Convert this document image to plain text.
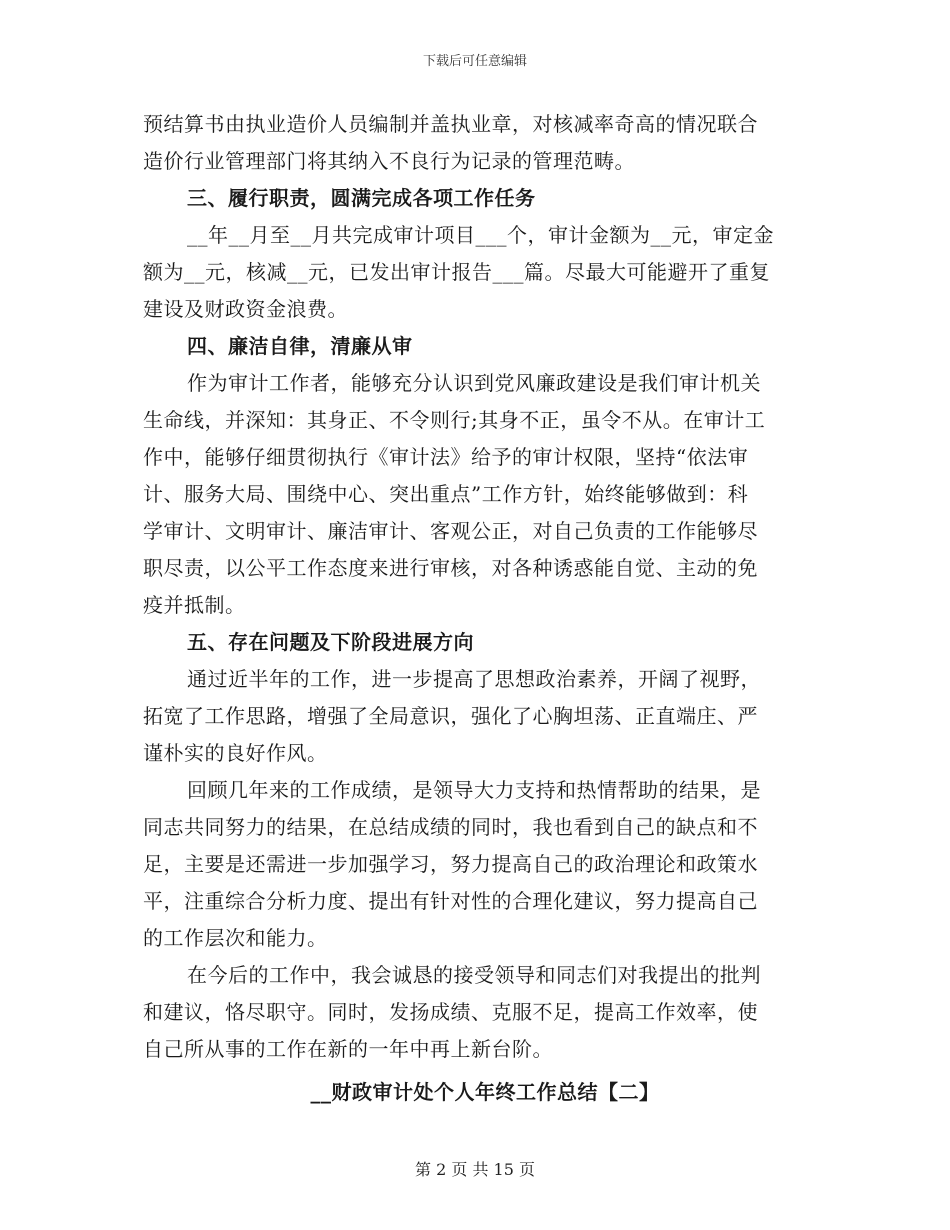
下载后可任意编辑
预结算书由执业造价人员编制并盖执业章，对核减率奇高的情况联合
造价行业管理部门将其纳入不良行为记录的管理范畴。
三、履行职责，圆满完成各项工作任务
__年__月至__月共完成审计项目___个，审计金额为__元，审定金
额为__元，核减__元，已发出审计报告___篇。尽最大可能避开了重复
建设及财政资金浪费。
四、廉洁自律，清廉从审
作为审计工作者，能够充分认识到党风廉政建设是我们审计机关
生命线，并深知：其身正、不令则行;其身不正，虽令不从。在审计工
作中，能够仔细贯彻执行《审计法》给予的审计权限，坚持“依法审
计、服务大局、围绕中心、突出重点”工作方针，始终能够做到：科
学审计、文明审计、廉洁审计、客观公正，对自己负责的工作能够尽
职尽责，以公平工作态度来进行审核，对各种诱惑能自觉、主动的免
疫并抵制。
五、存在问题及下阶段进展方向
通过近半年的工作，进一步提高了思想政治素养，开阔了视野，
拓宽了工作思路，增强了全局意识，强化了心胸坦荡、正直端庄、严
谨朴实的良好作风。
回顾几年来的工作成绩，是领导大力支持和热情帮助的结果，是
同志共同努力的结果，在总结成绩的同时，我也看到自己的缺点和不
足，主要是还需进一步加强学习，努力提高自己的政治理论和政策水
平，注重综合分析力度、提出有针对性的合理化建议，努力提高自己
的工作层次和能力。
在今后的工作中，我会诚恳的接受领导和同志们对我提出的批判
和建议，恪尽职守。同时，发扬成绩、克服不足，提高工作效率，使
自己所从事的工作在新的一年中再上新台阶。
__财政审计处个人年终工作总结【二】
第 2 页 共 15 页
